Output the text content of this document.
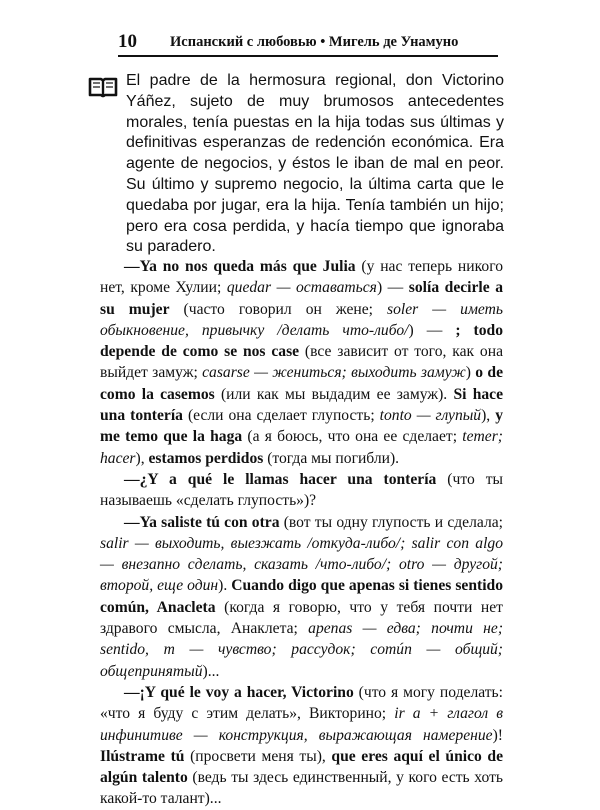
10 Испанский с любовью • Мигель де Унамуно

El padre de la hermosura regional, don Victorino Yáñez, sujeto de muy brumosos antecedentes morales, tenía puestas en la hija todas sus últimas y definitivas esperanzas de redención económica. Era agente de negocios, y éstos le iban de mal en peor. Su último y supremo negocio, la última carta que le quedaba por jugar, era la hija. Tenía también un hijo; pero era cosa perdida, y hacía tiempo que ignoraba su paradero.

—Ya no nos queda más que Julia (у нас теперь никого нет, кроме Хулии; quedar — оставаться) — solía decirle a su mujer (часто говорил он жене; soler — иметь обыкновение, привычку /делать что-либо/) — ; todo depende de como se nos case (все зависит от того, как она выйдет замуж; casarse — жениться; выходить замуж) o de como la casemos (или как мы выдадим ее замуж). Si hace una tontería (если она сделает глупость; tonto — глупый), y me temo que la haga (а я боюсь, что она ее сделает; temer; hacer), estamos perdidos (тогда мы погибли).

—¿Y a qué le llamas hacer una tontería (что ты называешь «сделать глупость»)?

—Ya saliste tú con otra (вот ты одну глупость и сделала; salir — выходить, выезжать /откуда-либо/; salir con algo — внезапно сделать, сказать /что-либо/; otro — другой; второй, еще один). Cuando digo que apenas si tienes sentido común, Anacleta (когда я говорю, что у тебя почти нет здравого смысла, Анаклета; apenas — едва; почти не; sentido, m — чувство; рассудок; común — общий; общепринятый)...

—¡Y qué le voy a hacer, Victorino (что я могу поделать: «что я буду с этим делать», Викторино; ir a + глагол в инфинитиве — конструкция, выражающая намерение)! Ilústrame tú (просвети меня ты), que eres aquí el único de algún talento (ведь ты здесь единственный, у кого есть хоть какой-то талант)...
